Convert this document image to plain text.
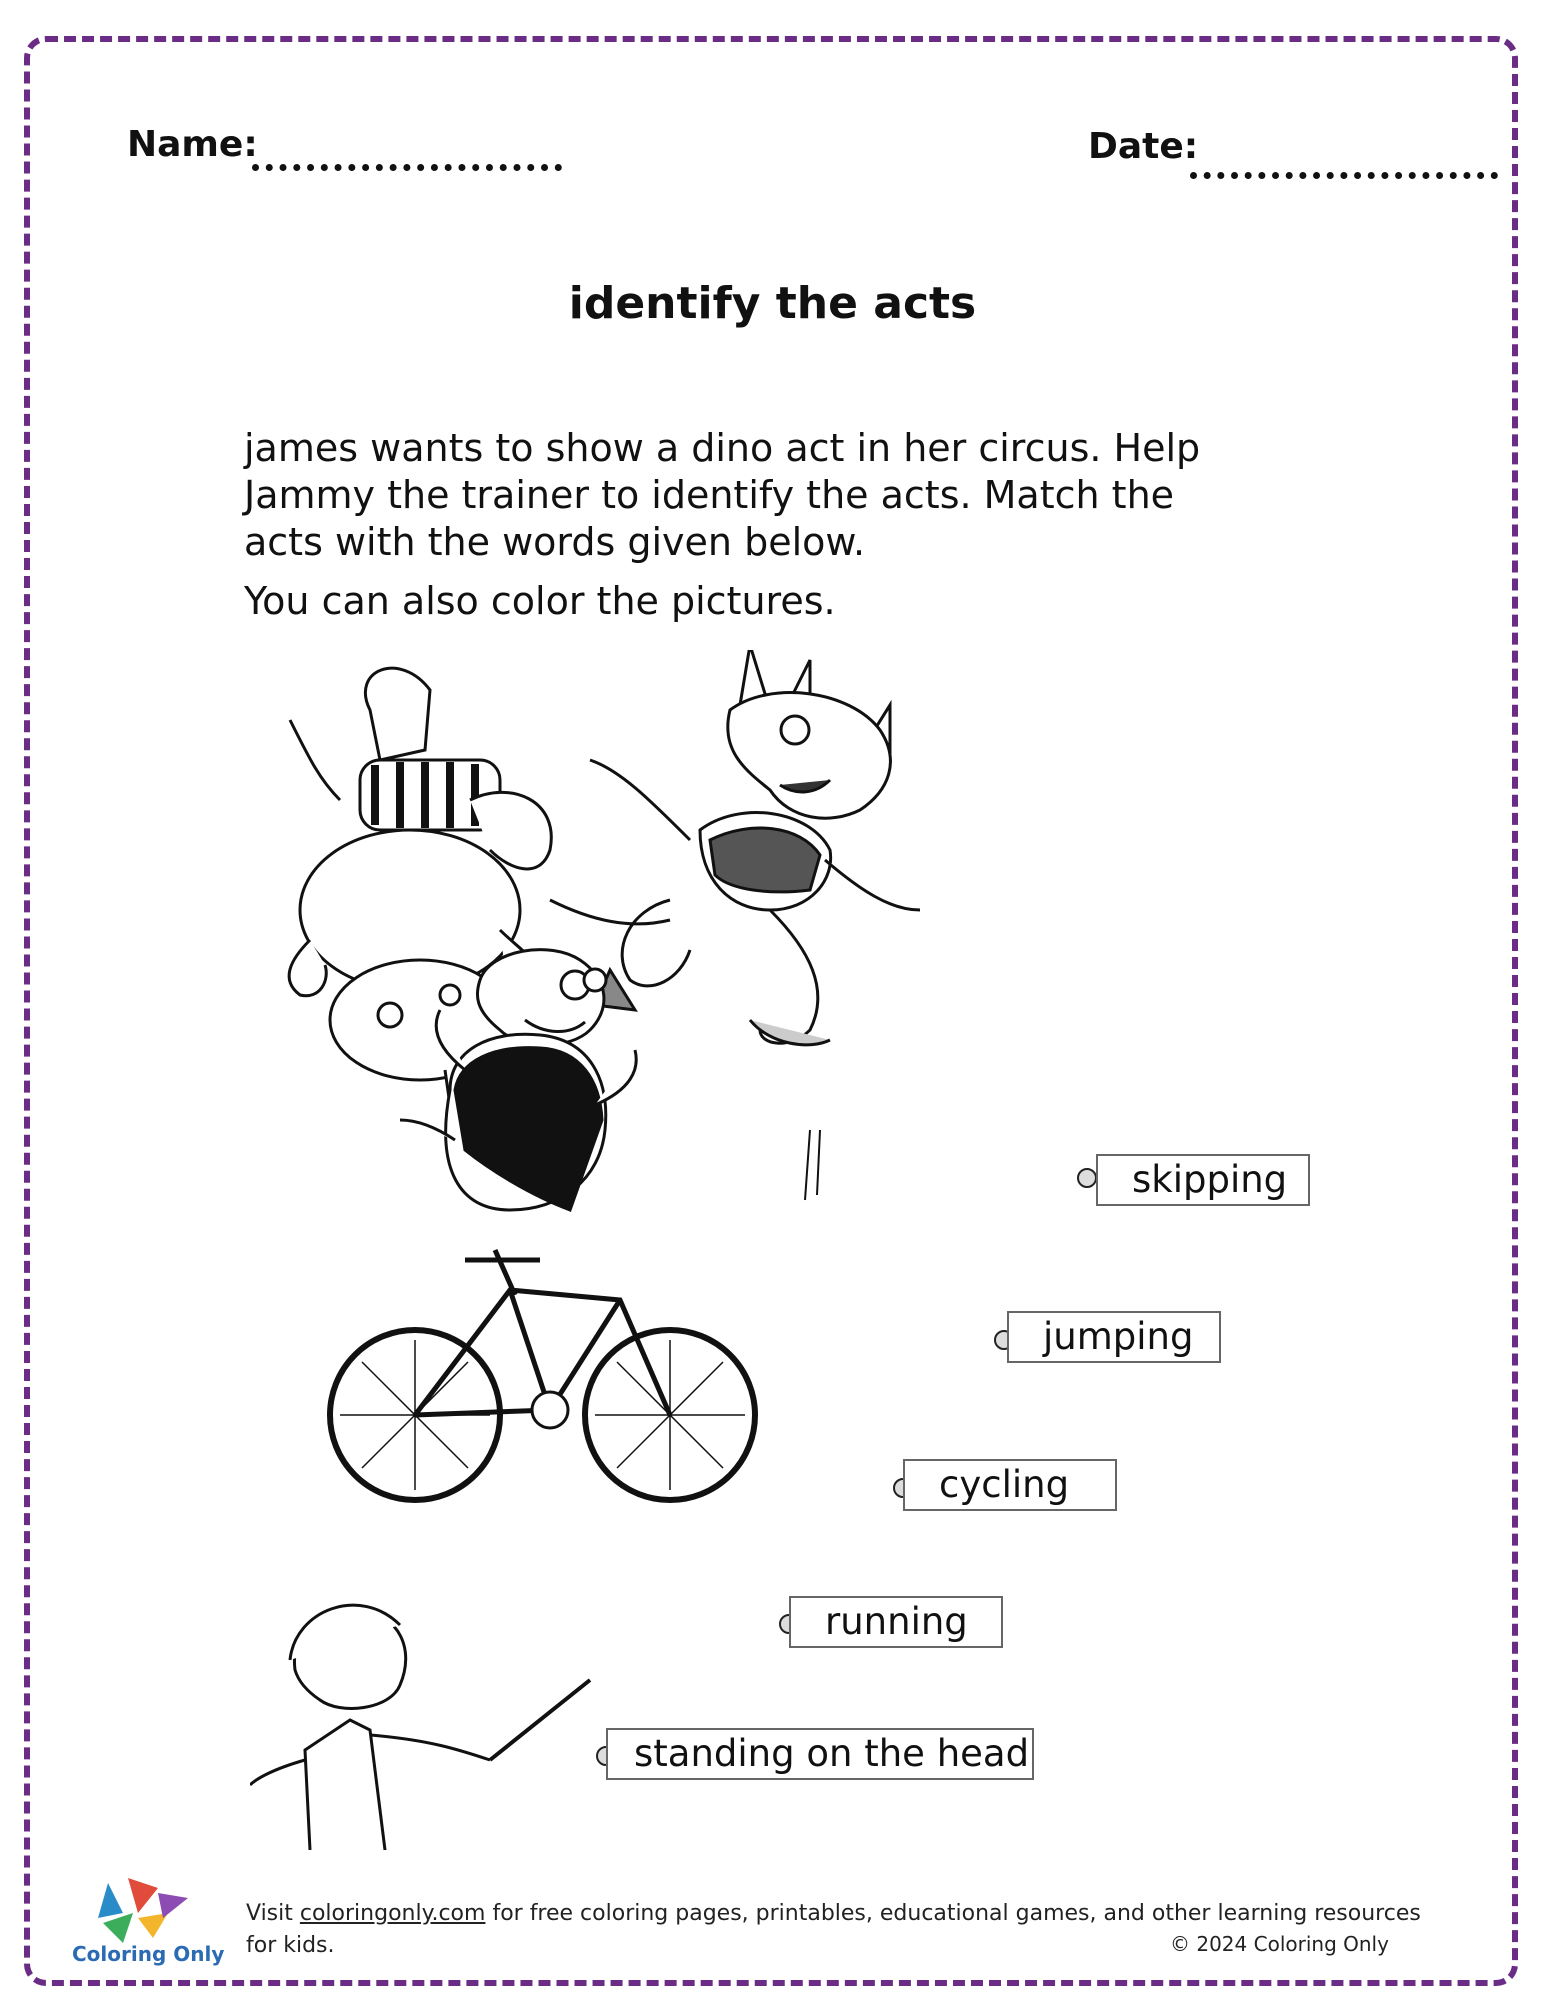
Name:	Date:
identify the acts

james wants to show a dino act in her circus. Help Jammy the trainer to identify the acts. Match the acts with the words given below.

You can also color the pictures.

skipping
jumping
cycling
running
standing on the head
Coloring Only
Visit coloringonly.com for free coloring pages, printables, educational games, and other learning resources for kids.	© 2024 Coloring Only
